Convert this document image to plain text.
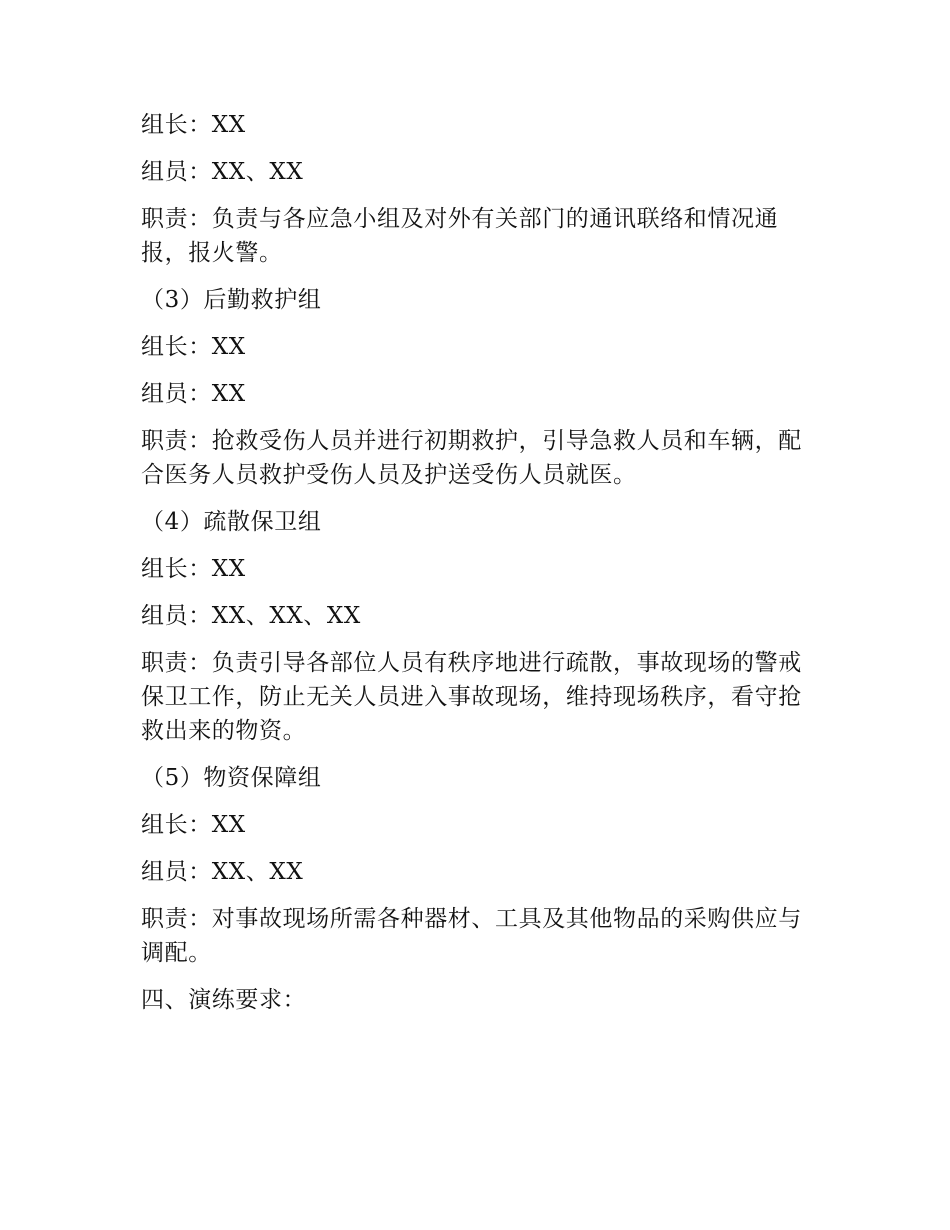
组长：XX

组员：XX、XX

职责：负责与各应急小组及对外有关部门的通讯联络和情况通报，报火警。

（3）后勤救护组

组长：XX

组员：XX

职责：抢救受伤人员并进行初期救护，引导急救人员和车辆，配合医务人员救护受伤人员及护送受伤人员就医。

（4）疏散保卫组

组长：XX

组员：XX、XX、XX

职责：负责引导各部位人员有秩序地进行疏散，事故现场的警戒保卫工作，防止无关人员进入事故现场，维持现场秩序，看守抢救出来的物资。

（5）物资保障组

组长：XX

组员：XX、XX

职责：对事故现场所需各种器材、工具及其他物品的采购供应与调配。

四、演练要求：
